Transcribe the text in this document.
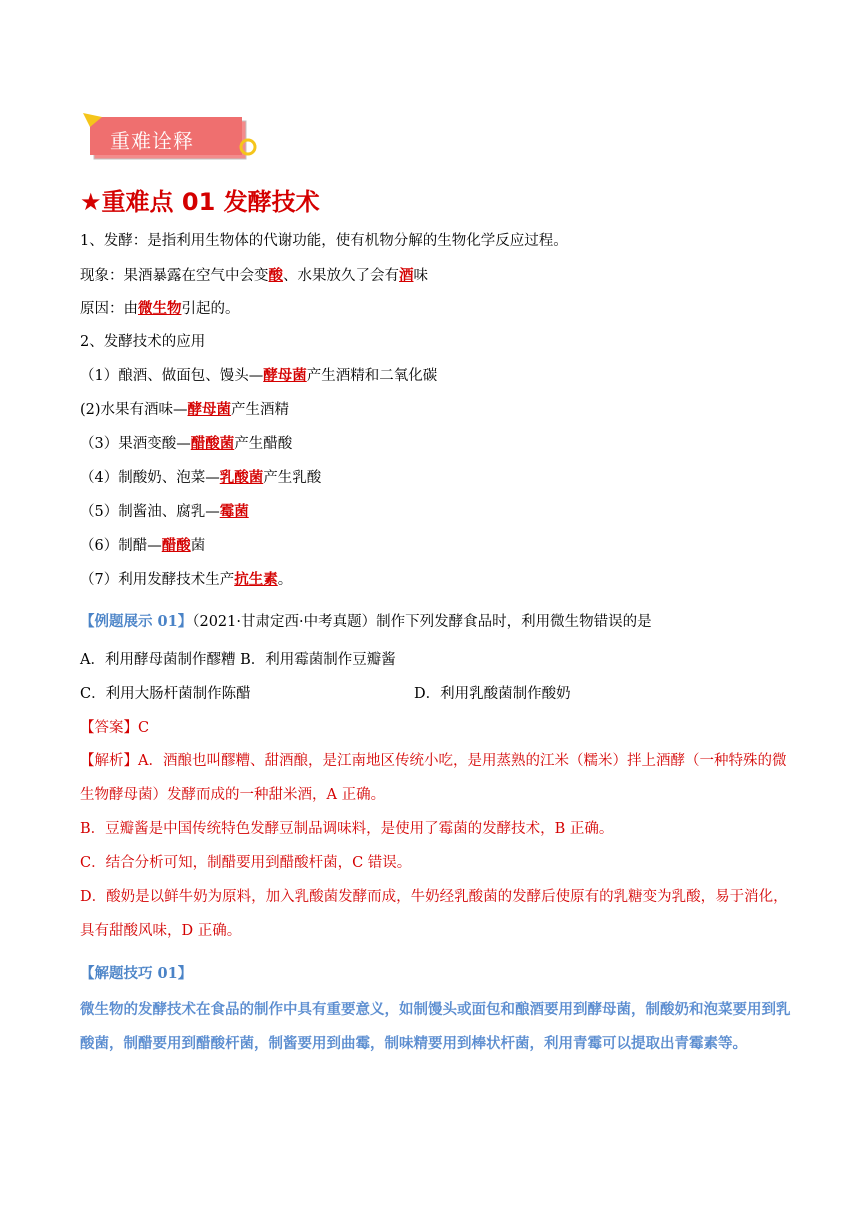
重难诠释
★重难点 01 发酵技术
1、发酵：是指利用生物体的代谢功能，使有机物分解的生物化学反应过程。
现象：果酒暴露在空气中会变酸、水果放久了会有酒味
原因：由微生物引起的。
2、发酵技术的应用
（1）酿酒、做面包、馒头—酵母菌产生酒精和二氧化碳
(2)水果有酒味—酵母菌产生酒精
（3）果酒变酸—醋酸菌产生醋酸
（4）制酸奶、泡菜—乳酸菌产生乳酸
（5）制酱油、腐乳—霉菌
（6）制醋—醋酸菌
（7）利用发酵技术生产抗生素。
【例题展示 01】（2021·甘肃定西·中考真题）制作下列发酵食品时，利用微生物错误的是
A．利用酵母菌制作醪糟 B．利用霉菌制作豆瓣酱
C．利用大肠杆菌制作陈醋	D．利用乳酸菌制作酸奶
【答案】C
【解析】A．酒酿也叫醪糟、甜酒酿，是江南地区传统小吃，是用蒸熟的江米（糯米）拌上酒酵（一种特殊的微生物酵母菌）发酵而成的一种甜米酒，A 正确。
B．豆瓣酱是中国传统特色发酵豆制品调味料，是使用了霉菌的发酵技术，B 正确。
C．结合分析可知，制醋要用到醋酸杆菌，C 错误。
D．酸奶是以鲜牛奶为原料，加入乳酸菌发酵而成，牛奶经乳酸菌的发酵后使原有的乳糖变为乳酸，易于消化，具有甜酸风味，D 正确。
【解题技巧 01】
微生物的发酵技术在食品的制作中具有重要意义，如制馒头或面包和酿酒要用到酵母菌，制酸奶和泡菜要用到乳酸菌，制醋要用到醋酸杆菌，制酱要用到曲霉，制味精要用到棒状杆菌，利用青霉可以提取出青霉素等。
